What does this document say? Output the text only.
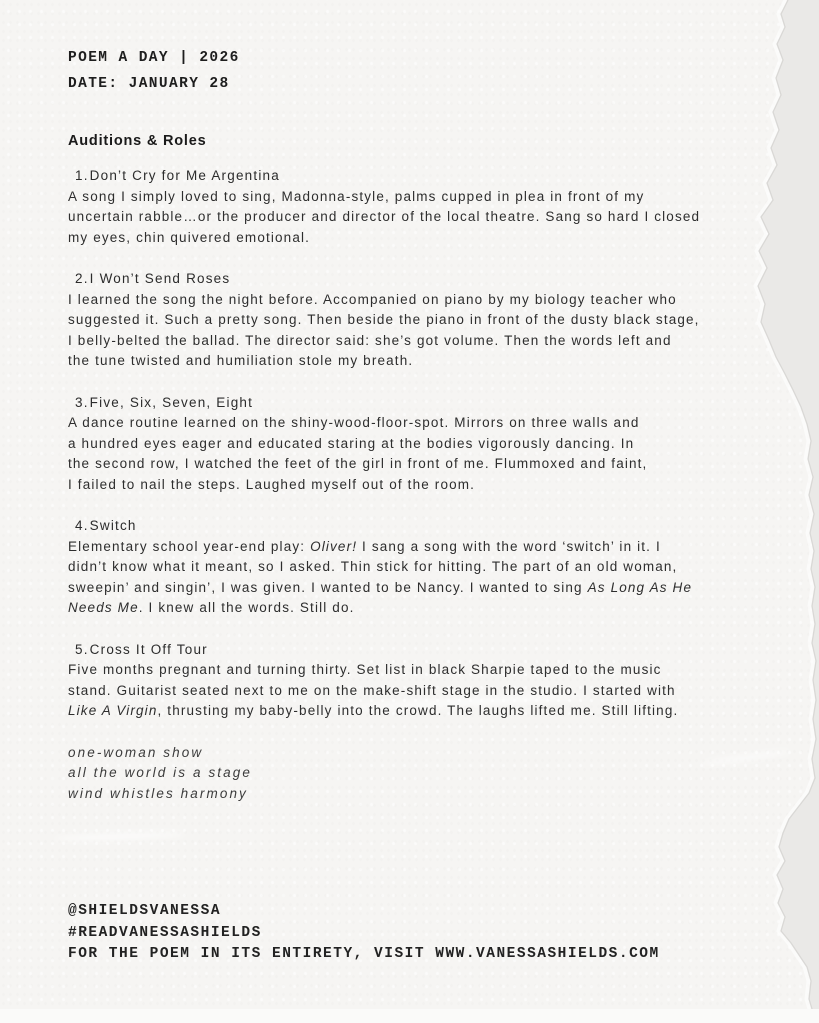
POEM A DAY | 2026
DATE: JANUARY 28
Auditions & Roles
1.Don’t Cry for Me Argentina
A song I simply loved to sing, Madonna-style, palms cupped in plea in front of my
uncertain rabble…or the producer and director of the local theatre. Sang so hard I closed
my eyes, chin quivered emotional.
2.I Won’t Send Roses
I learned the song the night before. Accompanied on piano by my biology teacher who
suggested it. Such a pretty song. Then beside the piano in front of the dusty black stage,
I belly-belted the ballad. The director said: she’s got volume. Then the words left and
the tune twisted and humiliation stole my breath.
3.Five, Six, Seven, Eight
A dance routine learned on the shiny-wood-floor-spot. Mirrors on three walls and
a hundred eyes eager and educated staring at the bodies vigorously dancing. In
the second row, I watched the feet of the girl in front of me. Flummoxed and faint,
I failed to nail the steps. Laughed myself out of the room.
4.Switch
Elementary school year-end play: Oliver! I sang a song with the word ‘switch’ in it. I
didn’t know what it meant, so I asked. Thin stick for hitting. The part of an old woman,
sweepin’ and singin’, I was given. I wanted to be Nancy. I wanted to sing As Long As He
Needs Me. I knew all the words. Still do.
5.Cross It Off Tour
Five months pregnant and turning thirty. Set list in black Sharpie taped to the music
stand. Guitarist seated next to me on the make-shift stage in the studio. I started with
Like A Virgin, thrusting my baby-belly into the crowd. The laughs lifted me. Still lifting.
one-woman show
all the world is a stage
wind whistles harmony
@SHIELDSVANESSA
#READVANESSASHIELDS
FOR THE POEM IN ITS ENTIRETY, VISIT WWW.VANESSASHIELDS.COM
